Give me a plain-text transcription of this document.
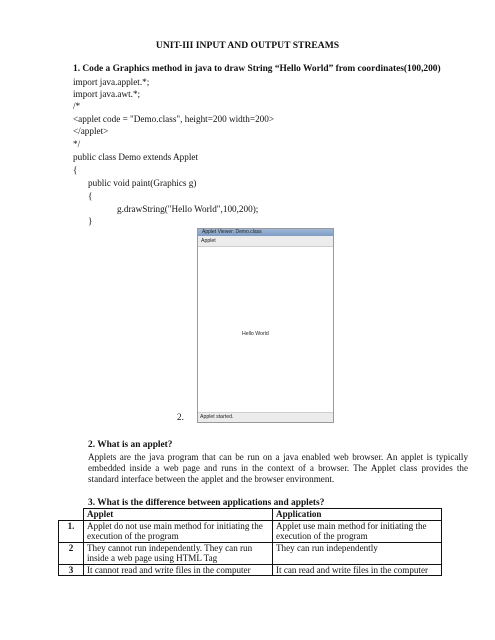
UNIT-III INPUT AND OUTPUT STREAMS
1. Code a Graphics method in java to draw String “Hello World” from coordinates(100,200)
import java.applet.*;
import java.awt.*;
/*
<applet code = "Demo.class", height=200 width=200>
</applet>
*/
public class Demo extends Applet
{
public void paint(Graphics g)
{
g.drawString("Hello World",100,200);
}
Applet Viewer: Demo.class
Applet
Hello World
Applet started.
2.
2. What is an applet?
Applets are the java program that can be run on a java enabled web browser. An applet is typically embedded inside a web page and runs in the context of a browser. The Applet class provides the standard interface between the applet and the browser environment.
3. What is the difference between applications and applets?
	Applet	Application
1.	Applet do not use main method for initiating the execution of the program	Applet use main method for initiating the execution of the program
2	They cannot run independently. They can run inside a web page using HTML Tag	They can run independently
3	It cannot read and write files in the computer	It can read and write files in the computer
